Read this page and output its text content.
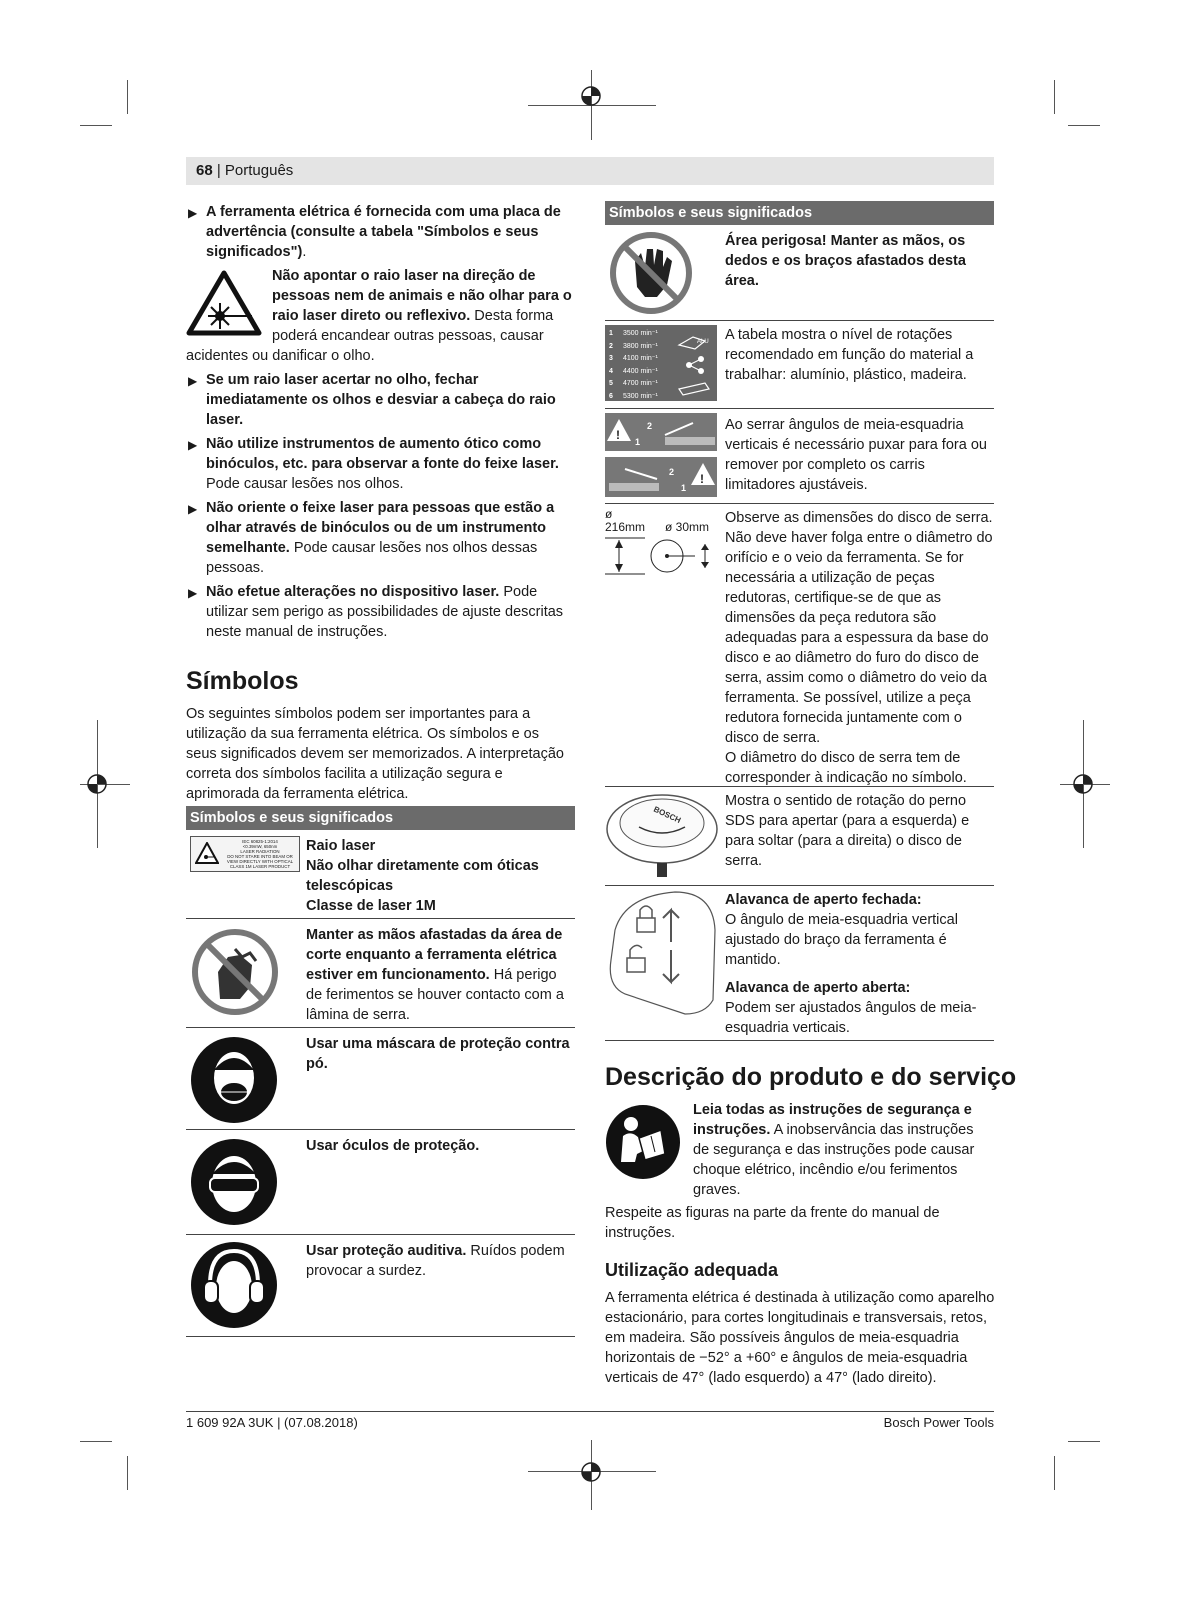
68 | Português
▶ A ferramenta elétrica é fornecida com uma placa de advertência (consulte a tabela "Símbolos e seus significados").

Não apontar o raio laser na direção de pessoas nem de animais e não olhar para o raio laser direto ou reflexivo. Desta forma poderá encandear outras pessoas, causar acidentes ou danificar o olho.

▶ Se um raio laser acertar no olho, fechar imediatamente os olhos e desviar a cabeça do raio laser.
▶ Não utilize instrumentos de aumento ótico como binóculos, etc. para observar a fonte do feixe laser. Pode causar lesões nos olhos.
▶ Não oriente o feixe laser para pessoas que estão a olhar através de binóculos ou de um instrumento semelhante. Pode causar lesões nos olhos dessas pessoas.
▶ Não efetue alterações no dispositivo laser. Pode utilizar sem perigo as possibilidades de ajuste descritas neste manual de instruções.
Símbolos

Os seguintes símbolos podem ser importantes para a utilização da sua ferramenta elétrica. Os símbolos e os seus significados devem ser memorizados. A interpretação correta dos símbolos facilita a utilização segura e aprimorada da ferramenta elétrica.

Símbolos e seus significados
IEC 60825-1:2014
<0.39mW, 650nm
LASER RADIATION
DO NOT STARE INTO BEAM OR
VIEW DIRECTLY WITH OPTICAL
CLASS 1M LASER PRODUCT
Raio laser
Não olhar diretamente com óticas telescópicas
Classe de laser 1M
Manter as mãos afastadas da área de corte enquanto a ferramenta elétrica estiver em funcionamento. Há perigo de ferimentos se houver contacto com a lâmina de serra.
Usar uma máscara de proteção contra pó.
Usar óculos de proteção.
Usar proteção auditiva. Ruídos podem provocar a surdez.
Símbolos e seus significados
Área perigosa! Manter as mãos, os dedos e os braços afastados desta área.
1 3500 min⁻¹
2 3800 min⁻¹
3 4100 min⁻¹
4 4400 min⁻¹
5 4700 min⁻¹
6 5300 min⁻¹
ALU A tabela mostra o nível de rotações recomendado em função do material a trabalhar: alumínio, plástico, madeira.
!
2
1
!
2
1
Ao serrar ângulos de meia-esquadria verticais é necessário puxar para fora ou remover por completo os carris limitadores ajustáveis.
ø
216mm ø 30mm
Observe as dimensões do disco de serra. Não deve haver folga entre o diâmetro do orifício e o veio da ferramenta. Se for necessária a utilização de peças redutoras, certifique-se de que as dimensões da peça redutora são adequadas para a espessura da base do disco e ao diâmetro do furo do disco de serra, assim como o diâmetro do veio da ferramenta. Se possível, utilize a peça redutora fornecida juntamente com o disco de serra.
O diâmetro do disco de serra tem de corresponder à indicação no símbolo.
BOSCH
Mostra o sentido de rotação do perno SDS para apertar (para a esquerda) e para soltar (para a direita) o disco de serra.

Alavanca de aperto fechada:

O ângulo de meia-esquadria vertical ajustado do braço da ferramenta é mantido.

Alavanca de aperto aberta:

Podem ser ajustados ângulos de meia-esquadria verticais.

Descrição do produto e do serviço

Leia todas as instruções de segurança e instruções. A inobservância das instruções de segurança e das instruções pode causar choque elétrico, incêndio e/ou ferimentos graves.

Respeite as figuras na parte da frente do manual de instruções.

Utilização adequada

A ferramenta elétrica é destinada à utilização como aparelho estacionário, para cortes longitudinais e transversais, retos, em madeira. São possíveis ângulos de meia-esquadria horizontais de −52° a +60° e ângulos de meia-esquadria verticais de 47° (lado esquerdo) a 47° (lado direito).

1 609 92A 3UK | (07.08.2018)	Bosch Power Tools
